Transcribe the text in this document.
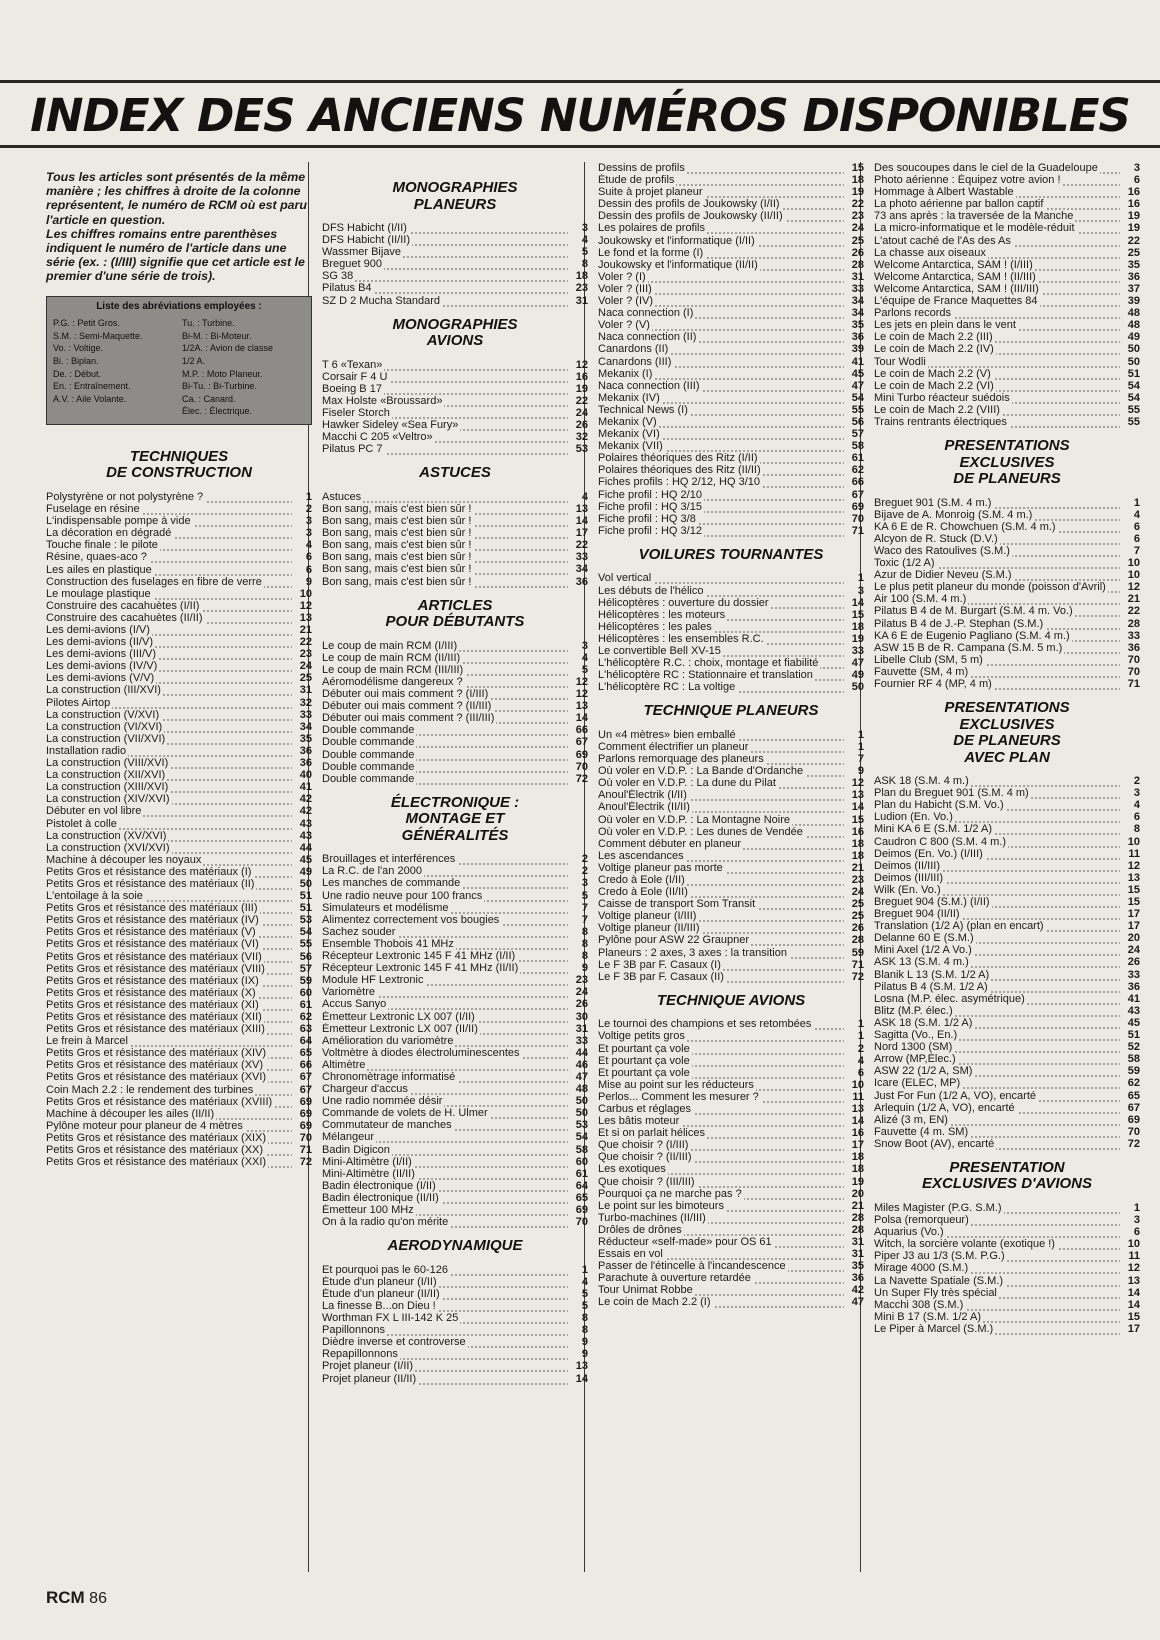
INDEX DES ANCIENS NUMÉROS DISPONIBLES

Tous les articles sont présentés de la même manière ; les chiffres à droite de la colonne représentent, le numéro de RCM où est paru l'article en question.

Les chiffres romains entre parenthèses indiquent le numéro de l'article dans une série (ex. : (I/III) signifie que cet article est le premier d'une série de trois).

Liste des abréviations employées :
P.G. : Petit Gros.	Tu. : Turbine.
S.M. : Semi-Maquette.	Bi-M. : Bi-Moteur.
Vo. : Voltige.	1/2A. : Avion de classe
Bi. : Biplan.	1/2 A.
De. : Début.	M.P. : Moto Planeur.
En. : Entraînement.	Bi-Tu. : Bi-Turbine.
A.V. : Aile Volante.	Ca. : Canard.
Élec. : Électrique.
TECHNIQUES
DE CONSTRUCTION
Polystyrène or not polystyrène ?	1
Fuselage en résine	2
L'indispensable pompe à vide	3
La décoration en dégradé	3
Touche finale : le pilote	4
Résine, quaes-aco ?	6
Les ailes en plastique	6
Construction des fuselages en fibre de verre	9
Le moulage plastique	10
Construire des cacahuètes (I/II)	12
Construire des cacahuètes (II/II)	13
Les demi-avions (I/V)	21
Les demi-avions (II/V)	22
Les demi-avions (III/V)	23
Les demi-avions (IV/V)	24
Les demi-avions (V/V)	25
La construction (III/XVI)	31
Pilotes Airtop	32
La construction (V/XVI)	33
La construction (VI/XVI)	34
La construction (VII/XVI)	35
Installation radio	36
La construction (VIII/XVI)	36
La construction (XII/XVI)	40
La construction (XIII/XVI)	41
La construction (XIV/XVI)	42
Débuter en vol libre	42
Pistolet à colle	43
La construction (XV/XVI)	43
La construction (XVI/XVI)	44
Machine à découper les noyaux	45
Petits Gros et résistance des matériaux (I)	49
Petits Gros et résistance des matériaux (II)	50
L'entoilage à la soie	51
Petits Gros et résistance des matériaux (III)	51
Petits Gros et résistance des matériaux (IV)	53
Petits Gros et résistance des matériaux (V)	54
Petits Gros et résistance des matériaux (VI)	55
Petits Gros et résistance des matériaux (VII)	56
Petits Gros et résistance des matériaux (VIII)	57
Petits Gros et résistance des matériaux (IX)	59
Petits Gros et résistance des matériaux (X)	60
Petits Gros et résistance des matériaux (XI)	61
Petits Gros et résistance des matériaux (XII)	62
Petits Gros et résistance des matériaux (XIII)	63
Le frein à Marcel	64
Petits Gros et résistance des matériaux (XIV)	65
Petits Gros et résistance des matériaux (XV)	66
Petits Gros et résistance des matériaux (XVI)	67
Coin Mach 2.2 : le rendement des turbines	67
Petits Gros et résistance des matériaux (XVIII)	69
Machine à découper les ailes (II/II)	69
Pylône moteur pour planeur de 4 mètres	69
Petits Gros et résistance des matériaux (XIX)	70
Petits Gros et résistance des matériaux (XX)	71
Petits Gros et résistance des matériaux (XXI)	72
MONOGRAPHIES
PLANEURS
DFS Habicht (I/II)	3
DFS Habicht (II/II)	4
Wassmer Bijave	5
Breguet 900	8
SG 38	18
Pilatus B4	23
SZ D 2 Mucha Standard	31
MONOGRAPHIES
AVIONS
T 6 «Texan»	12
Corsair F 4 U	16
Boeing B 17	19
Max Holste «Broussard»	22
Fiseler Storch	24
Hawker Sideley «Sea Fury»	26
Macchi C 205 «Veltro»	32
Pilatus PC 7	53
ASTUCES
Astuces	4
Bon sang, mais c'est bien sûr !	13
Bon sang, mais c'est bien sûr !	14
Bon sang, mais c'est bien sûr !	17
Bon sang, mais c'est bien sûr !	22
Bon sang, mais c'est bien sûr !	33
Bon sang, mais c'est bien sûr !	34
Bon sang, mais c'est bien sûr !	36
ARTICLES
POUR DÉBUTANTS
Le coup de main RCM (I/III)	3
Le coup de main RCM (II/III)	4
Le coup de main RCM (III/III)	5
Aéromodélisme dangereux ?	12
Débuter oui mais comment ? (I/III)	12
Débuter oui mais comment ? (II/III)	13
Débuter oui mais comment ? (III/III)	14
Double commande	66
Double commande	67
Double commande	69
Double commande	70
Double commande	72
ÉLECTRONIQUE :
MONTAGE ET
GÉNÉRALITÉS
Brouillages et interférences	2
La R.C. de l'an 2000	2
Les manches de commande	3
Une radio neuve pour 100 francs	5
Simulateurs et modélisme	7
Alimentez correctement vos bougies	7
Sachez souder	8
Ensemble Thobois 41 MHz	8
Récepteur Lextronic 145 F 41 MHz (I/II)	8
Récepteur Lextronic 145 F 41 MHz (II/II)	9
Module HF Lextronic	23
Variomètre	24
Accus Sanyo	26
Émetteur Lextronic LX 007 (I/II)	30
Émetteur Lextronic LX 007 (II/II)	31
Amélioration du variomètre	33
Voltmètre à diodes électroluminescentes	44
Altimètre	46
Chronomètrage informatisé	47
Chargeur d'accus	48
Une radio nommée désir	50
Commande de volets de H. Ulmer	50
Commutateur de manches	53
Mélangeur	54
Badin Digicon	58
Mini-Altimètre (I/II)	60
Mini-Altimètre (II/II)	61
Badin électronique (I/II)	64
Badin électronique (II/II)	65
Émetteur 100 MHz	69
On à la radio qu'on mérite	70
AERODYNAMIQUE
Et pourquoi pas le 60-126	1
Étude d'un planeur (I/II)	4
Étude d'un planeur (II/II)	5
La finesse B...on Dieu !	5
Worthman FX L III-142 K 25	8
Papillonnons	8
Dièdre inverse et controverse	9
Repapillonnons	9
Projet planeur (I/II)	13
Projet planeur (II/II)	14
Dessins de profils	15
Étude de profils	18
Suite à projet planeur	19
Dessin des profils de Joukowsky (I/II)	22
Dessin des profils de Joukowsky (II/II)	23
Les polaires de profils	24
Joukowsky et l'informatique (I/II)	25
Le fond et la forme (I)	26
Joukowsky et l'informatique (II/II)	28
Voler ? (I)	31
Voler ? (III)	33
Voler ? (IV)	34
Naca connection (I)	34
Voler ? (V)	35
Naca connection (II)	36
Canardons (II)	39
Canardons (III)	41
Mekanix (I)	45
Naca connection (III)	47
Mekanix (IV)	54
Technical News (I)	55
Mekanix (V)	56
Mekanix (VI)	57
Mekanix (VII)	58
Polaires théoriques des Ritz (I/II)	61
Polaires théoriques des Ritz (II/II)	62
Fiches profils : HQ 2/12, HQ 3/10	66
Fiche profil : HQ 2/10	67
Fiche profil : HQ 3/15	69
Fiche profil : HQ 3/8	70
Fiche profil : HQ 3/12	71
VOILURES TOURNANTES
Vol vertical	1
Les débuts de l'hélico	3
Hélicoptères : ouverture du dossier	14
Hélicoptères : les moteurs	15
Hélicoptères : les pales	18
Hélicoptères : les ensembles R.C.	19
Le convertible Bell XV-15	33
L'hélicoptère R.C. : choix, montage et fiabilité	47
L'hélicoptère RC : Stationnaire et translation	49
L'hélicoptère RC : La voltige	50
TECHNIQUE PLANEURS
Un «4 mètres» bien emballé	1
Comment électrifier un planeur	1
Parlons remorquage des planeurs	7
Où voler en V.D.P. : La Bande d'Ordanche	9
Où voler en V.D.P. : La dune du Pilat	12
Anoul'Électrik (I/II)	13
Anoul'Électrik (II/II)	14
Où voler en V.D.P. : La Montagne Noire	15
Où voler en V.D.P. : Les dunes de Vendée	16
Comment débuter en planeur	18
Les ascendances	18
Voltige planeur pas morte	21
Credo à Eole (I/II)	23
Credo à Eole (II/II)	24
Caisse de transport Som Transit	25
Voltige planeur (I/III)	25
Voltige planeur (II/III)	26
Pylône pour ASW 22 Graupner	28
Planeurs : 2 axes, 3 axes : la transition	59
Le F 3B par F. Casaux (I)	71
Le F 3B par F. Casaux (II)	72
TECHNIQUE AVIONS
Le tournoi des champions et ses retombées	1
Voltige petits gros	1
Et pourtant ça vole	2
Et pourtant ça vole	4
Et pourtant ça vole	6
Mise au point sur les réducteurs	10
Perlos... Comment les mesurer ?	11
Carbus et réglages	13
Les bâtis moteur	14
Et si on parlait hélices	16
Que choisir ? (I/III)	17
Que choisir ? (II/III)	18
Les exotiques	18
Que choisir ? (III/III)	19
Pourquoi ça ne marche pas ?	20
Le point sur les bimoteurs	21
Turbo-machines (II/III)	28
Drôles de drônes	28
Réducteur «self-made» pour OS 61	31
Essais en vol	31
Passer de l'étincelle à l'incandescence	35
Parachute à ouverture retardée	36
Tour Unimat Robbe	42
Le coin de Mach 2.2 (I)	47
Des soucoupes dans le ciel de la Guadeloupe	3
Photo aérienne : Équipez votre avion !	6
Hommage à Albert Wastable	16
La photo aérienne par ballon captif	16
73 ans après : la traversée de la Manche	19
La micro-informatique et le modèle-réduit	19
L'atout caché de l'As des As	22
La chasse aux oiseaux	25
Welcome Antarctica, SAM ! (I/III)	35
Welcome Antarctica, SAM ! (II/III)	36
Welcome Antarctica, SAM ! (III/III)	37
L'équipe de France Maquettes 84	39
Parlons records	48
Les jets en plein dans le vent	48
Le coin de Mach 2.2 (III)	49
Le coin de Mach 2.2 (IV)	50
Tour Wodli	50
Le coin de Mach 2.2 (V)	51
Le coin de Mach 2.2 (VI)	54
Mini Turbo réacteur suédois	54
Le coin de Mach 2.2 (VIII)	55
Trains rentrants électriques	55
PRESENTATIONS
EXCLUSIVES
DE PLANEURS
Breguet 901 (S.M. 4 m.)	1
Bijave de A. Monroig (S.M. 4 m.)	4
KA 6 E de R. Chowchuen (S.M. 4 m.)	6
Alcyon de R. Stuck (D.V.)	6
Waco des Ratoulives (S.M.)	7
Toxic (1/2 A)	10
Azur de Didier Neveu (S.M.)	10
Le plus petit planeur du monde (poisson d'Avril)	12
Air 100 (S.M. 4 m.)	21
Pilatus B 4 de M. Burgart (S.M. 4 m. Vo.)	22
Pilatus B 4 de J.-P. Stephan (S.M.)	28
KA 6 E de Eugenio Pagliano (S.M. 4 m.)	33
ASW 15 B de R. Campana (S.M. 5 m.)	36
Libelle Club (SM, 5 m)	70
Fauvette (SM, 4 m)	70
Fournier RF 4 (MP, 4 m)	71
PRESENTATIONS
EXCLUSIVES
DE PLANEURS
AVEC PLAN
ASK 18 (S.M. 4 m.)	2
Plan du Breguet 901 (S.M. 4 m)	3
Plan du Habicht (S.M. Vo.)	4
Ludion (En. Vo.)	6
Mini KA 6 E (S.M. 1/2 A)	8
Caudron C 800 (S.M. 4 m.)	10
Deimos (En. Vo.) (I/III)	11
Deimos (II/III)	12
Deimos (III/III)	13
Wilk (En. Vo.)	15
Breguet 904 (S.M.) (I/II)	15
Breguet 904 (II/II)	17
Translation (1/2 A) (plan en encart)	17
Delanne 60 E (S.M.)	20
Mini Axel (1/2 A Vo.)	24
ASK 13 (S.M. 4 m.)	26
Blanik L 13 (S.M. 1/2 A)	33
Pilatus B 4 (S.M. 1/2 A)	36
Losna (M.P. élec. asymétrique)	41
Blitz (M.P. élec.)	43
ASK 18 (S.M. 1/2 A)	45
Sagitta (Vo., En.)	51
Nord 1300 (SM)	52
Arrow (MP,Élec.)	58
ASW 22 (1/2 A, SM)	59
Icare (ELEC, MP)	62
Just For Fun (1/2 A, VO), encarté	65
Arlequin (1/2 A, VO), encarté	67
Alizé (3 m, EN)	69
Fauvette (4 m. SM)	70
Snow Boot (AV), encarté	72
PRESENTATION
EXCLUSIVES D'AVIONS
Miles Magister (P.G. S.M.)	1
Polsa (remorqueur)	3
Aquarius (Vo.)	6
Witch, la sorcière volante (exotique !)	10
Piper J3 au 1/3 (S.M. P.G.)	11
Mirage 4000 (S.M.)	12
La Navette Spatiale (S.M.)	13
Un Super Fly très spécial	14
Macchi 308 (S.M.)	14
Mini B 17 (S.M. 1/2 A)	15
Le Piper à Marcel (S.M.)	17
RCM 86
